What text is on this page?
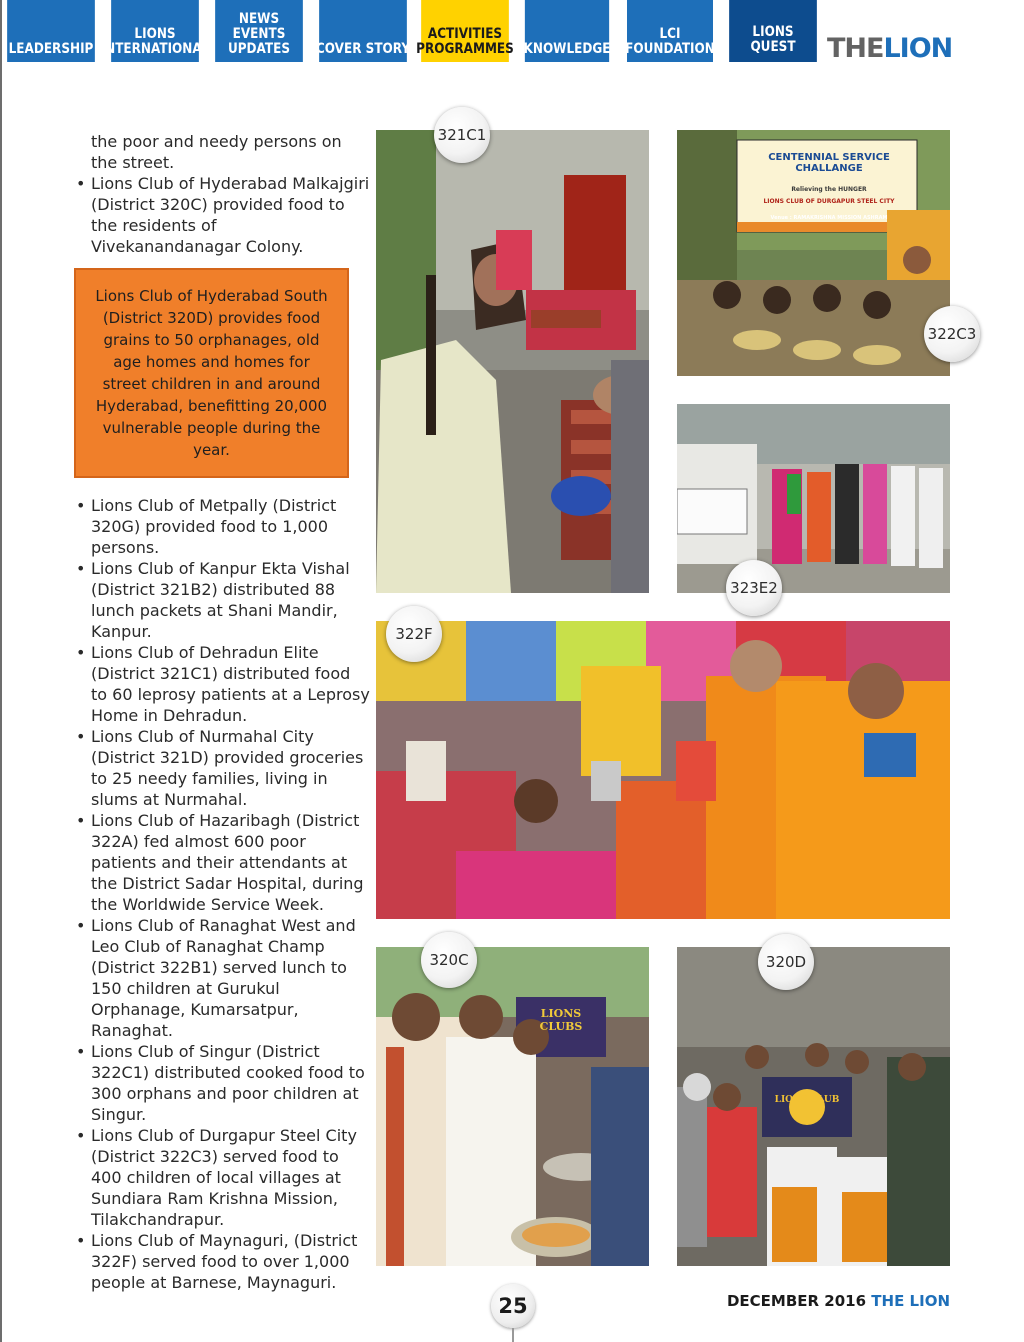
LEADERSHIP
LIONS
INTERNATIONAL
NEWS
EVENTS
UPDATES COVER STORY
ACTIVITIES
PROGRAMMES KNOWLEDGE
LCI
FOUNDATION
LIONS
QUEST THELION

the poor and needy persons on the street.

• Lions Club of Hyderabad Malkajgiri (District 320C) provided food to the residents of Vivekanandanagar Colony.
Lions Club of Hyderabad South (District 320D) provides food grains to 50 orphanages, old age homes and homes for street children in and around Hyderabad, benefitting 20,000 vulnerable people during the year.
• Lions Club of Metpally (District 320G) provided food to 1,000 persons.
• Lions Club of Kanpur Ekta Vishal (District 321B2) distributed 88 lunch packets at Shani Mandir, Kanpur.
• Lions Club of Dehradun Elite (District 321C1) distributed food to 60 leprosy patients at a Leprosy Home in Dehradun.
• Lions Club of Nurmahal City (District 321D) provided groceries to 25 needy families, living in slums at Nurmahal.
• Lions Club of Hazaribagh (District 322A) fed almost 600 poor patients and their attendants at the District Sadar Hospital, during the Worldwide Service Week.
• Lions Club of Ranaghat West and Leo Club of Ranaghat Champ (District 322B1) served lunch to 150 children at Gurukul Orphanage, Kumarsatpur, Ranaghat.
• Lions Club of Singur (District 322C1) distributed cooked food to 300 orphans and poor children at Singur.
• Lions Club of Durgapur Steel City (District 322C3) served food to 400 children of local villages at Sundiara Ram Krishna Mission, Tilakchandrapur.
• Lions Club of Maynaguri, (District 322F) served food to over 1,000 people at Barnese, Maynaguri.
CENTENNIAL SERVICE CHALLANGE
Relieving the HUNGER
LIONS CLUB OF DURGAPUR STEEL CITY
Venue : RAMAKRISHNA MISSION ASHRAM
LIONS CLUBS
LIONS CLUB
321C1
322C3
323E2
322F
320C	320D
25	DECEMBER 2016 THE LION
